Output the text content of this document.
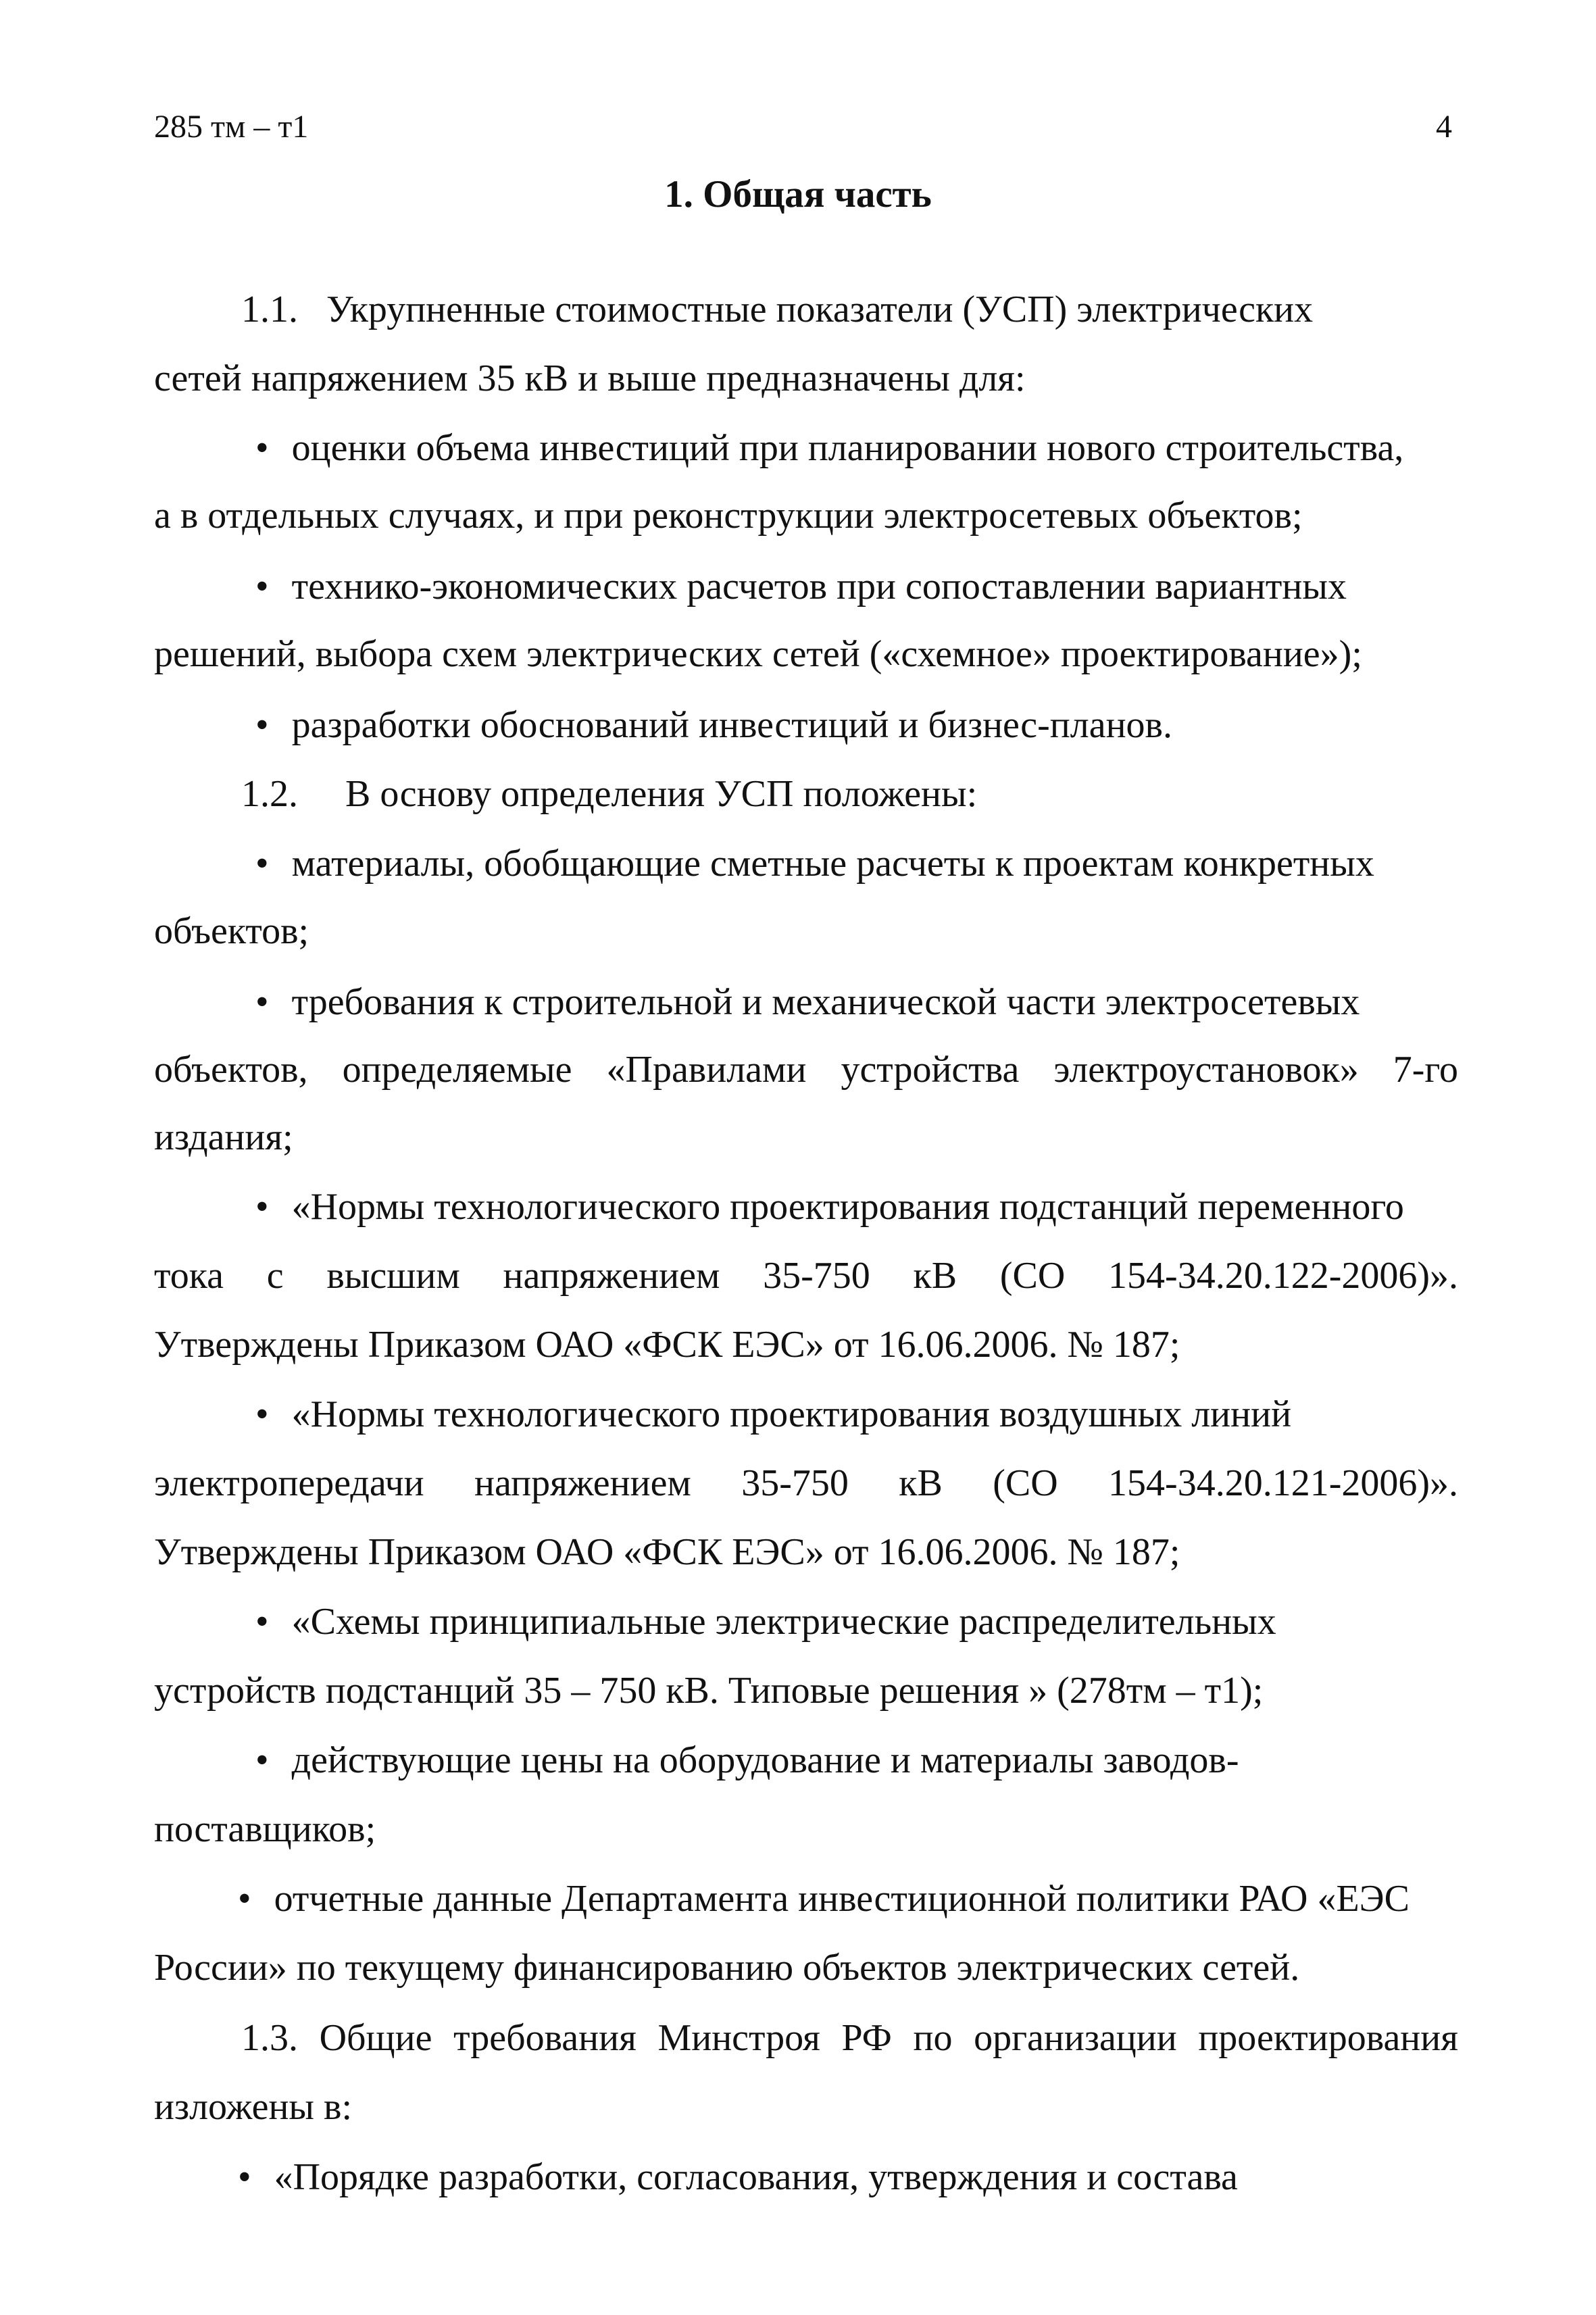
285 тм – т1	4
1. Общая часть
1.1.   Укрупненные стоимостные показатели (УСП) электрических
сетей напряжением 35 кВ и выше предназначены для:
• оценки объема инвестиций при планировании нового строительства,
а в отдельных случаях, и при реконструкции электросетевых объектов;
• технико-экономических расчетов при сопоставлении вариантных
решений, выбора схем электрических сетей («схемное» проектирование»);
• разработки обоснований инвестиций и бизнес-планов.
1.2.     В основу определения УСП положены:
• материалы, обобщающие сметные расчеты к проектам конкретных
объектов;
• требования к строительной и механической части электросетевых
объектов, определяемые «Правилами устройства электроустановок» 7-го
издания;
• «Нормы технологического проектирования подстанций переменного
тока с высшим напряжением 35-750 кВ (СО 154-34.20.122-2006)».
Утверждены Приказом ОАО «ФСК ЕЭС» от 16.06.2006. № 187;
• «Нормы технологического проектирования воздушных линий
электропередачи напряжением 35-750 кВ (СО 154-34.20.121-2006)».
Утверждены Приказом ОАО «ФСК ЕЭС» от 16.06.2006. № 187;
• «Схемы принципиальные электрические распределительных
устройств подстанций 35 – 750 кВ. Типовые решения » (278тм – т1);
• действующие цены на оборудование и материалы заводов-
поставщиков;
• отчетные данные Департамента инвестиционной политики РАО «ЕЭС
России» по текущему финансированию объектов электрических сетей.
1.3. Общие требования Минстроя РФ по организации проектирования
изложены в:
• «Порядке разработки, согласования, утверждения и состава
